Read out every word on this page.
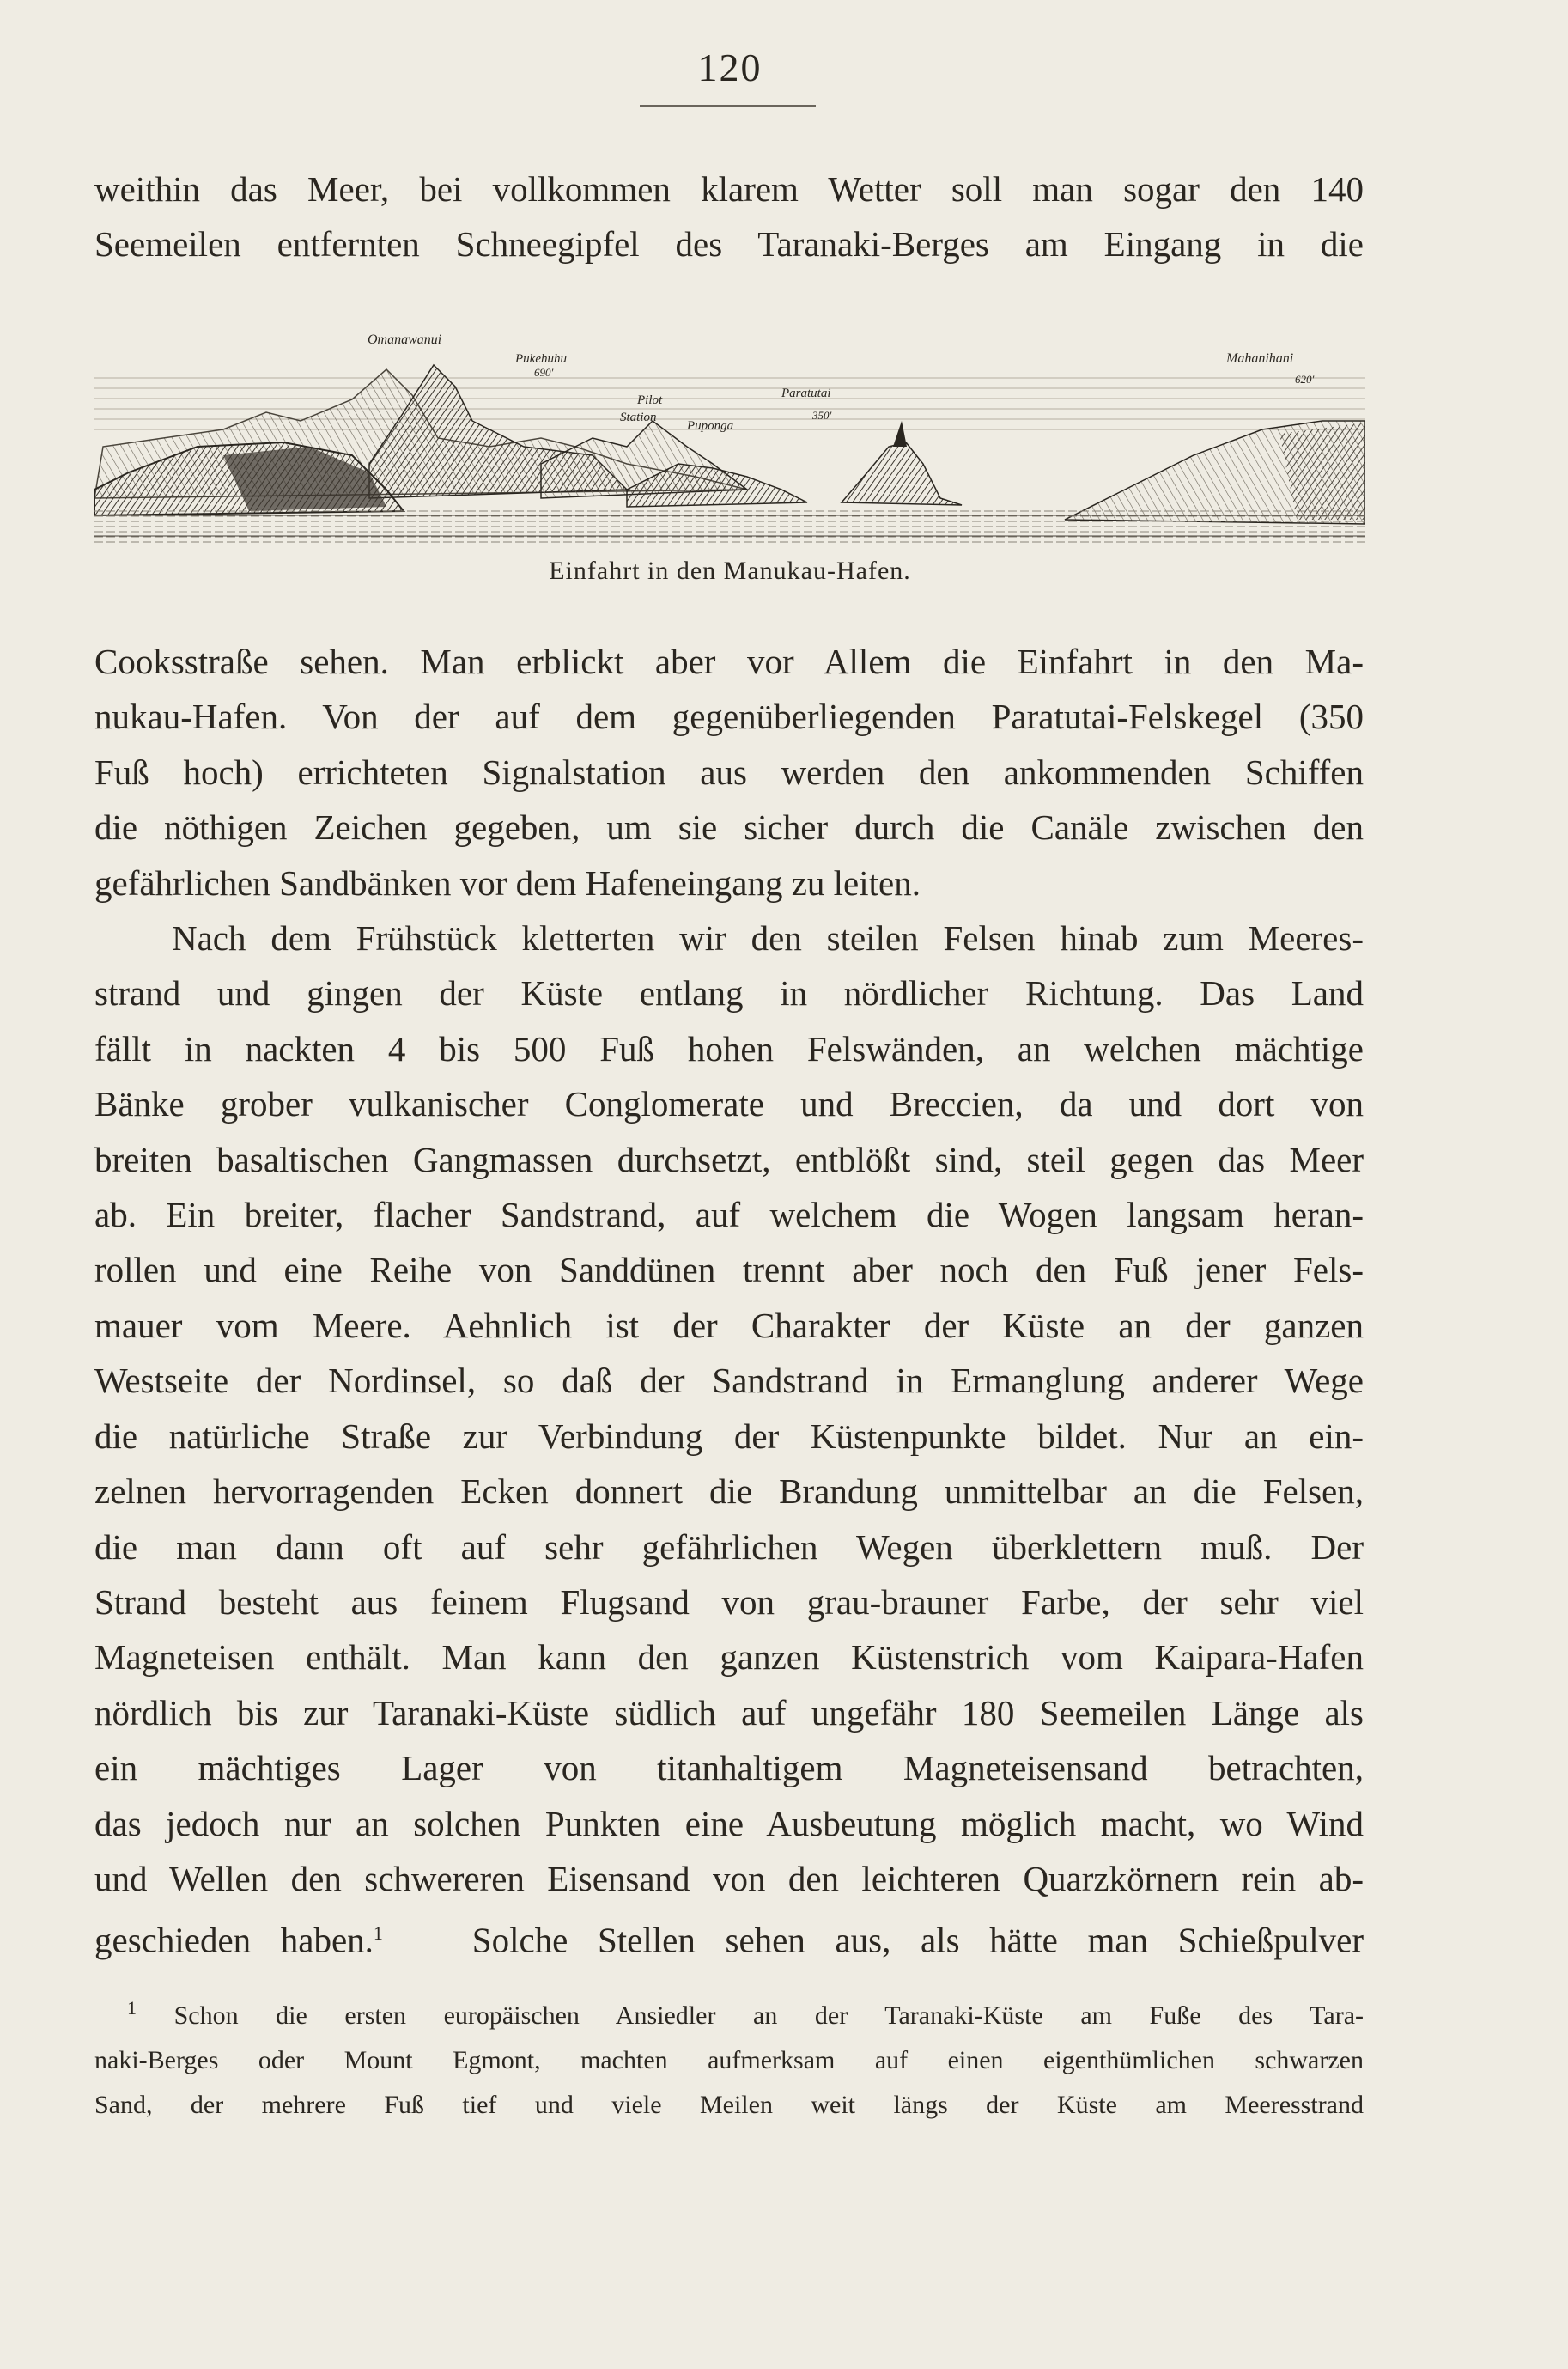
120
weithin das Meer, bei vollkommen klarem Wetter soll man sogar den 140
Seemeilen entfernten Schneegipfel des Taranaki-Berges am Eingang in die
Omanawanui
Pukehuhu
690'
Pilot
Station
Puponga
Paratutai
350'
Mahanihani
620'
Einfahrt in den Manukau-Hafen.
Cooksstraße sehen. Man erblickt aber vor Allem die Einfahrt in den Ma-
nukau-Hafen. Von der auf dem gegenüberliegenden Paratutai-Felskegel (350
Fuß hoch) errichteten Signalstation aus werden den ankommenden Schiffen
die nöthigen Zeichen gegeben, um sie sicher durch die Canäle zwischen den
gefährlichen Sandbänken vor dem Hafeneingang zu leiten.
Nach dem Frühstück kletterten wir den steilen Felsen hinab zum Meeres-
strand und gingen der Küste entlang in nördlicher Richtung. Das Land
fällt in nackten 4 bis 500 Fuß hohen Felswänden, an welchen mächtige
Bänke grober vulkanischer Conglomerate und Breccien, da und dort von
breiten basaltischen Gangmassen durchsetzt, entblößt sind, steil gegen das Meer
ab. Ein breiter, flacher Sandstrand, auf welchem die Wogen langsam heran-
rollen und eine Reihe von Sanddünen trennt aber noch den Fuß jener Fels-
mauer vom Meere. Aehnlich ist der Charakter der Küste an der ganzen
Westseite der Nordinsel, so daß der Sandstrand in Ermanglung anderer Wege
die natürliche Straße zur Verbindung der Küstenpunkte bildet. Nur an ein-
zelnen hervorragenden Ecken donnert die Brandung unmittelbar an die Felsen,
die man dann oft auf sehr gefährlichen Wegen überklettern muß. Der
Strand besteht aus feinem Flugsand von grau-brauner Farbe, der sehr viel
Magneteisen enthält. Man kann den ganzen Küstenstrich vom Kaipara-Hafen
nördlich bis zur Taranaki-Küste südlich auf ungefähr 180 Seemeilen Länge als
ein mächtiges Lager von titanhaltigem Magneteisensand betrachten,
das jedoch nur an solchen Punkten eine Ausbeutung möglich macht, wo Wind
und Wellen den schwereren Eisensand von den leichteren Quarzkörnern rein ab-
geschieden haben.$^1$	Solche Stellen sehen aus, als hätte man Schießpulver
$^1$ Schon die ersten europäischen Ansiedler an der Taranaki-Küste am Fuße des Tara-
naki-Berges oder Mount Egmont, machten aufmerksam auf einen eigenthümlichen schwarzen
Sand, der mehrere Fuß tief und viele Meilen weit längs der Küste am Meeresstrand
